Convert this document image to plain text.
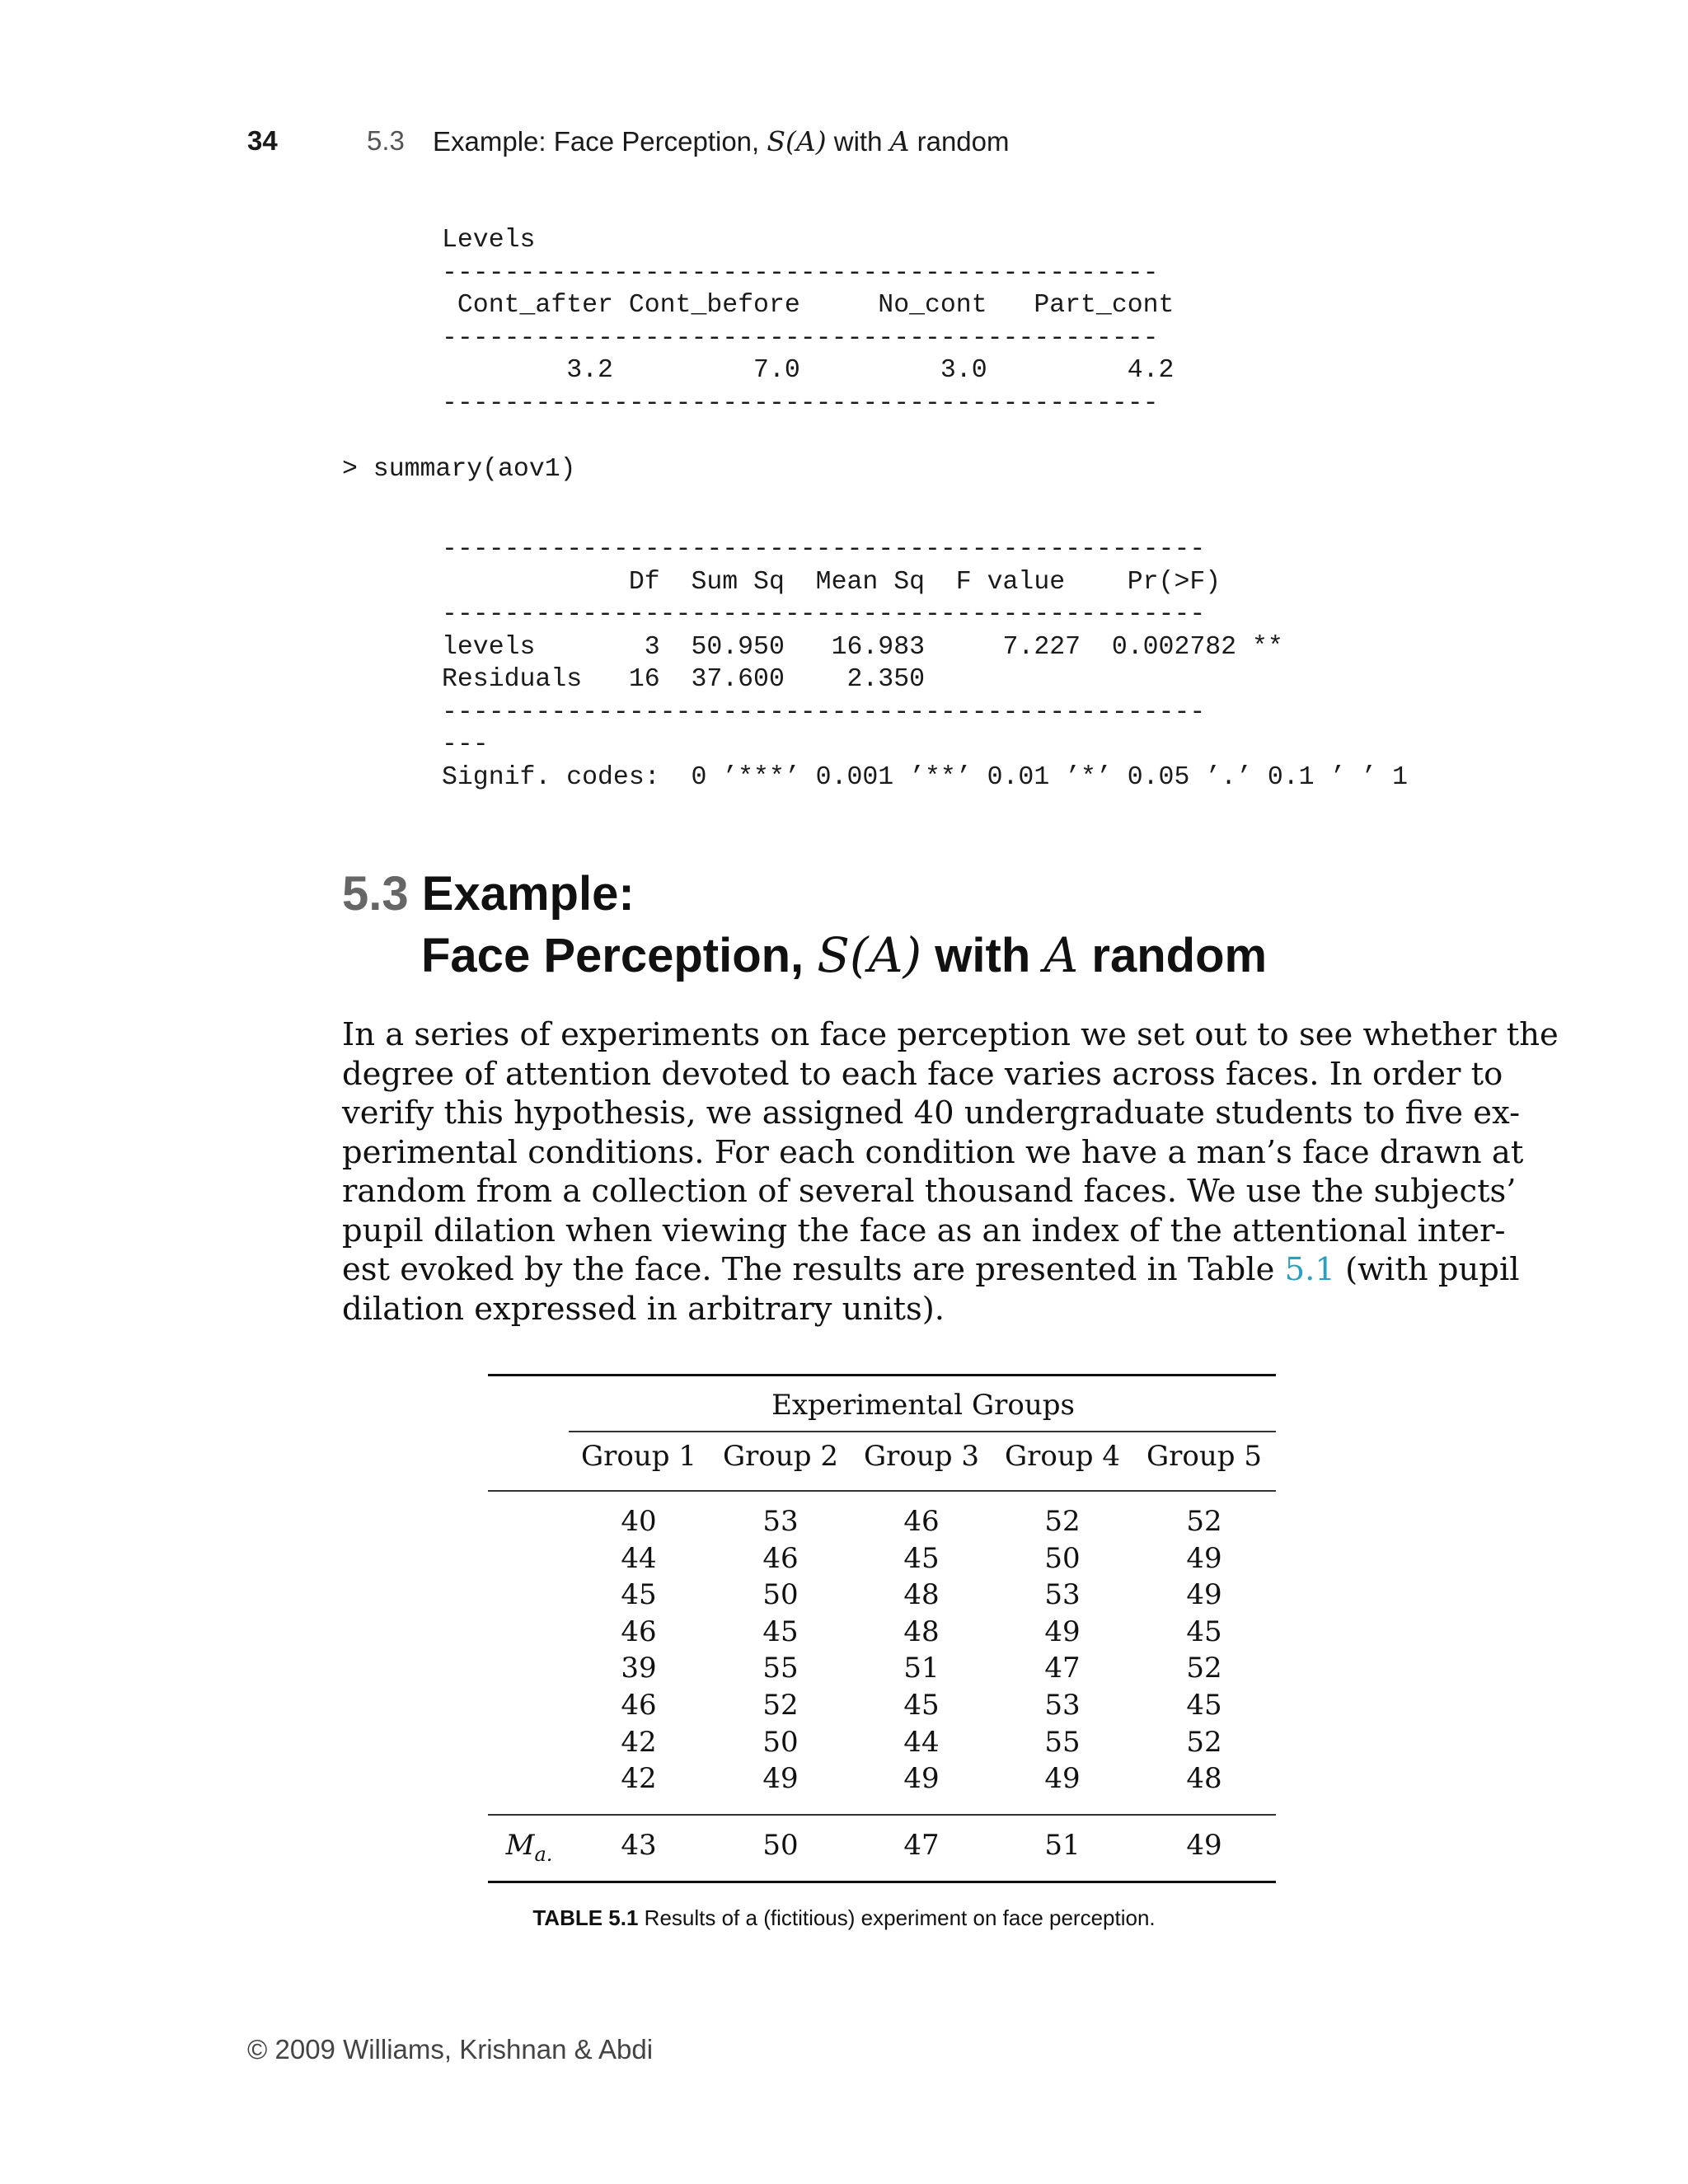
34	5.3 Example: Face Perception, S(A) with A random
Levels
----------------------------------------------
Cont_after Cont_before     No_cont   Part_cont
----------------------------------------------
3.2         7.0         3.0         4.2
----------------------------------------------
> summary(aov1)
-------------------------------------------------
Df  Sum Sq  Mean Sq  F value    Pr(>F)
-------------------------------------------------
levels       3  50.950   16.983     7.227  0.002782 **
Residuals   16  37.600    2.350
-------------------------------------------------
---
Signif. codes:  0 ’***’ 0.001 ’**’ 0.01 ’*’ 0.05 ’.’ 0.1 ’ ’ 1
5.3 Example:
Face Perception, S(A) with A random
In a series of experiments on face perception we set out to see whether the
degree of attention devoted to each face varies across faces. In order to
verify this hypothesis, we assigned 40 undergraduate students to five ex-
perimental conditions. For each condition we have a man’s face drawn at
random from a collection of several thousand faces. We use the subjects’
pupil dilation when viewing the face as an index of the attentional inter-
est evoked by the face. The results are presented in Table 5.1 (with pupil
dilation expressed in arbitrary units).
Experimental Groups
Group 1 Group 2 Group 3 Group 4 Group 5
40	53	46	52	52
44	46	45	50	49
45	50	48	53	49
46	45	48	49	45
39	55	51	47	52
46	52	45	53	45
42	50	44	55	52
42	49	49	49	48
$M_{a.}$	43	50	47	51	49
TABLE 5.1 Results of a (fictitious) experiment on face perception.
© 2009 Williams, Krishnan & Abdi
